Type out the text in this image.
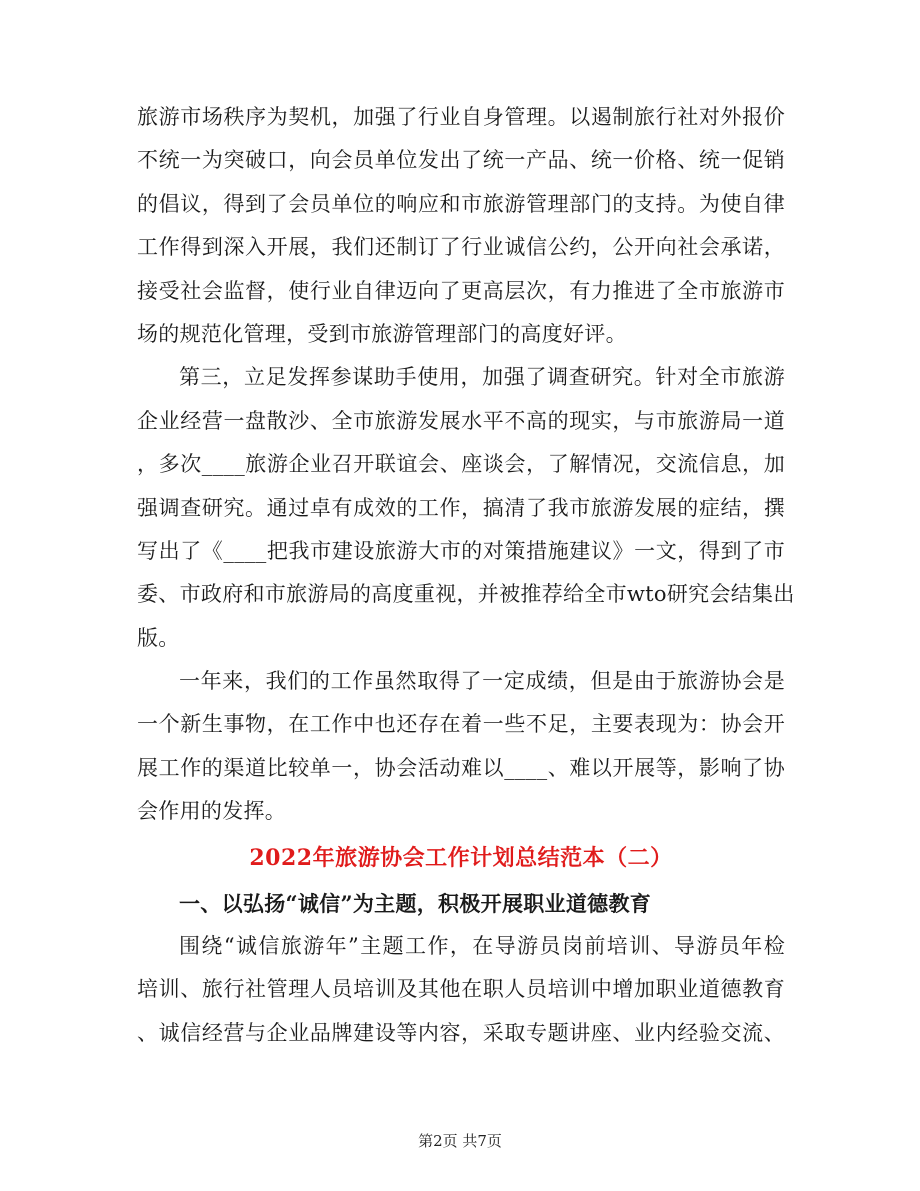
旅游市场秩序为契机，加强了行业自身管理。以遏制旅行社对外报价
不统一为突破口，向会员单位发出了统一产品、统一价格、统一促销
的倡议，得到了会员单位的响应和市旅游管理部门的支持。为使自律
工作得到深入开展，我们还制订了行业诚信公约，公开向社会承诺，
接受社会监督，使行业自律迈向了更高层次，有力推进了全市旅游市
场的规范化管理，受到市旅游管理部门的高度好评。
第三，立足发挥参谋助手使用，加强了调查研究。针对全市旅游
企业经营一盘散沙、全市旅游发展水平不高的现实，与市旅游局一道
，多次____旅游企业召开联谊会、座谈会，了解情况，交流信息，加
强调查研究。通过卓有成效的工作，搞清了我市旅游发展的症结，撰
写出了《____把我市建设旅游大市的对策措施建议》一文，得到了市
委、市政府和市旅游局的高度重视，并被推荐给全市wto研究会结集出
版。
一年来，我们的工作虽然取得了一定成绩，但是由于旅游协会是
一个新生事物，在工作中也还存在着一些不足，主要表现为：协会开
展工作的渠道比较单一，协会活动难以____、难以开展等，影响了协
会作用的发挥。
2022年旅游协会工作计划总结范本（二）
一、以弘扬“诚信”为主题，积极开展职业道德教育
围绕“诚信旅游年”主题工作，在导游员岗前培训、导游员年检
培训、旅行社管理人员培训及其他在职人员培训中增加职业道德教育
、诚信经营与企业品牌建设等内容，采取专题讲座、业内经验交流、
第2页 共7页
